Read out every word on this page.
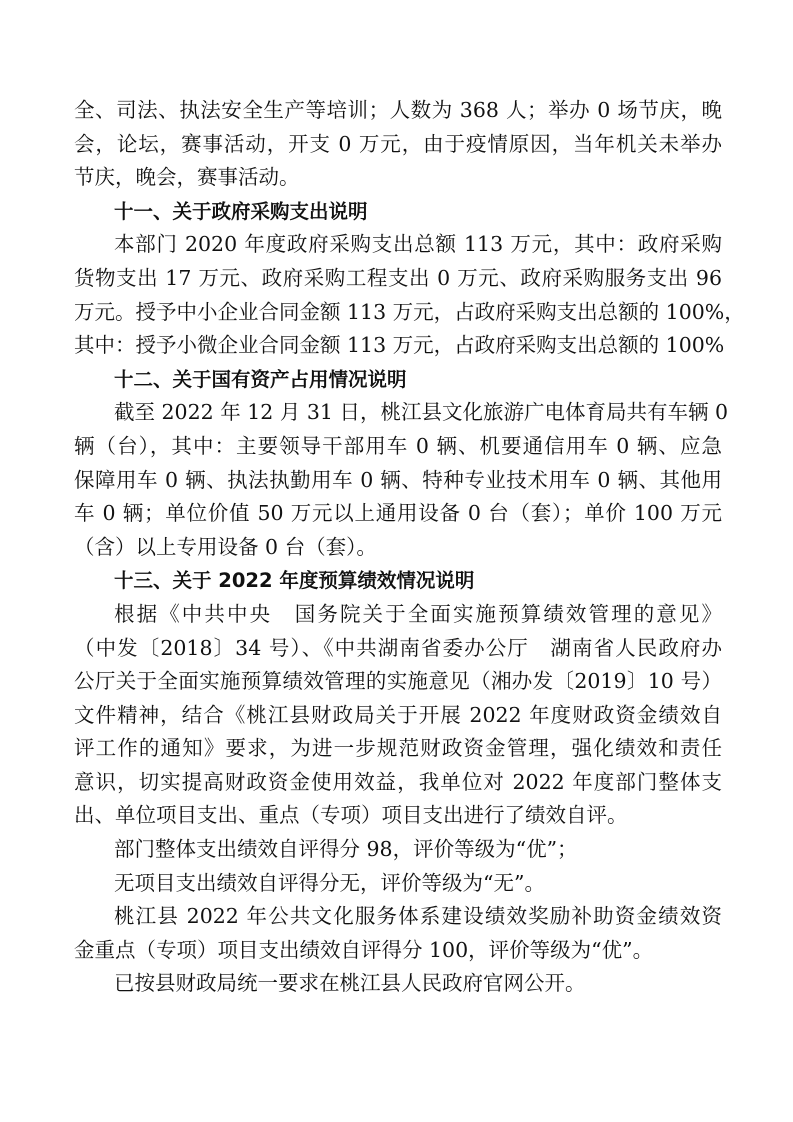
全、司法、执法安全生产等培训；人数为 368 人；举办 0 场节庆，晚
会，论坛，赛事活动，开支 0 万元，由于疫情原因，当年机关未举办
节庆，晚会，赛事活动。
十一、关于政府采购支出说明
本部门 2020 年度政府采购支出总额 113 万元，其中：政府采购
货物支出 17 万元、政府采购工程支出 0 万元、政府采购服务支出 96
万元。授予中小企业合同金额 113 万元，占政府采购支出总额的 100%，
其中：授予小微企业合同金额 113 万元，占政府采购支出总额的 100%
十二、关于国有资产占用情况说明
截至 2022 年 12 月 31 日，桃江县文化旅游广电体育局共有车辆 0
辆（台），其中：主要领导干部用车 0 辆、机要通信用车 0 辆、应急
保障用车 0 辆、执法执勤用车 0 辆、特种专业技术用车 0 辆、其他用
车 0 辆；单位价值 50 万元以上通用设备 0 台（套）；单价 100 万元
（含）以上专用设备 0 台（套）。
十三、关于 2022 年度预算绩效情况说明
根据《中共中央　国务院关于全面实施预算绩效管理的意见》
（中发〔2018〕34 号）、《中共湖南省委办公厅　湖南省人民政府办
公厅关于全面实施预算绩效管理的实施意见（湘办发〔2019〕10 号）
文件精神，结合《桃江县财政局关于开展 2022 年度财政资金绩效自
评工作的通知》要求，为进一步规范财政资金管理，强化绩效和责任
意识，切实提高财政资金使用效益，我单位对 2022 年度部门整体支
出、单位项目支出、重点（专项）项目支出进行了绩效自评。
部门整体支出绩效自评得分 98，评价等级为“优”；
无项目支出绩效自评得分无，评价等级为“无”。
桃江县 2022 年公共文化服务体系建设绩效奖励补助资金绩效资
金重点（专项）项目支出绩效自评得分 100，评价等级为“优”。
已按县财政局统一要求在桃江县人民政府官网公开。
